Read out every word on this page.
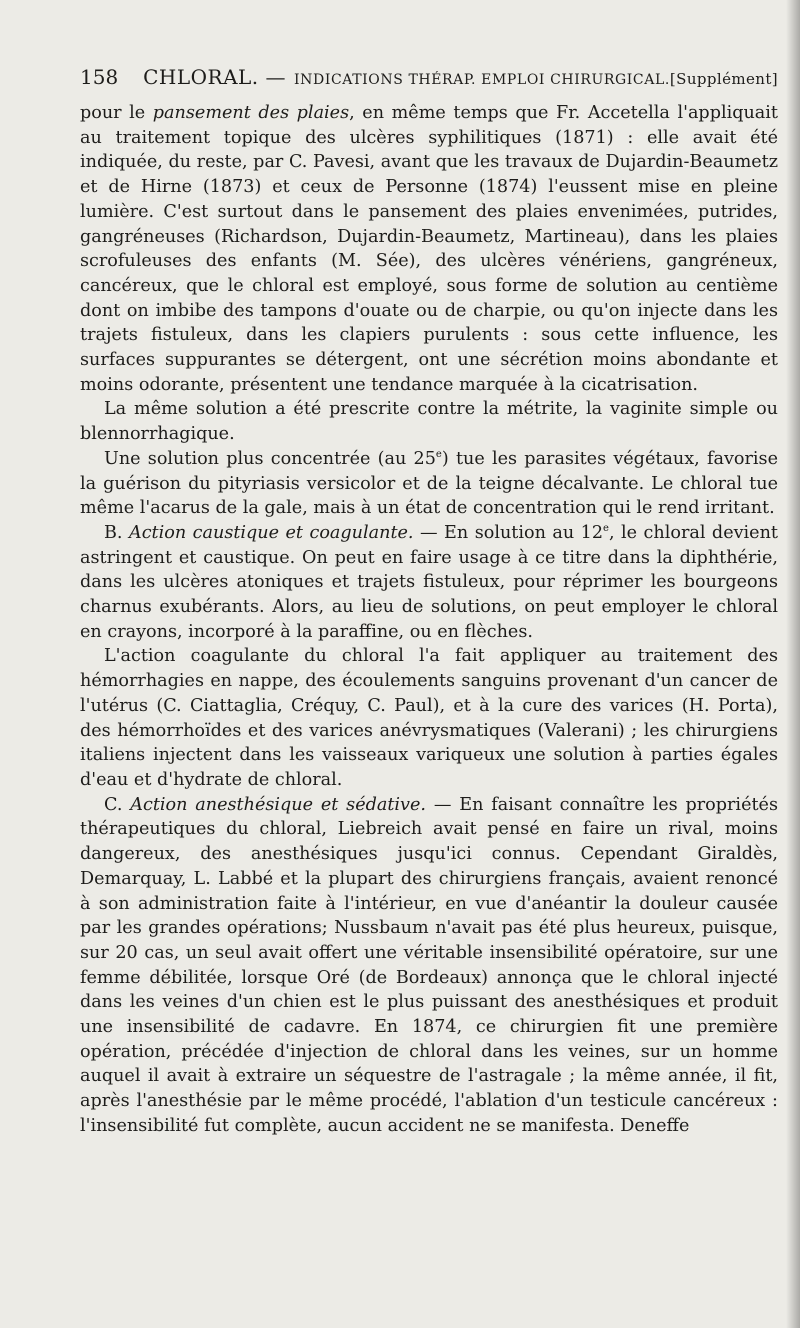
158	CHLORAL. — INDICATIONS THÉRAP. EMPLOI CHIRURGICAL. [Supplément]

pour le pansement des plaies, en même temps que Fr. Accetella l'appliquait au traitement topique des ulcères syphilitiques (1871) : elle avait été indiquée, du reste, par C. Pavesi, avant que les travaux de Dujardin-Beaumetz et de Hirne (1873) et ceux de Personne (1874) l'eussent mise en pleine lumière. C'est surtout dans le pansement des plaies envenimées, putrides, gangréneuses (Richardson, Dujardin-Beaumetz, Martineau), dans les plaies scrofuleuses des enfants (M. Sée), des ulcères vénériens, gangréneux, cancéreux, que le chloral est employé, sous forme de solution au centième dont on imbibe des tampons d'ouate ou de charpie, ou qu'on injecte dans les trajets fistuleux, dans les clapiers purulents : sous cette influence, les surfaces suppurantes se détergent, ont une sécrétion moins abondante et moins odorante, présentent une tendance marquée à la cicatrisation.

La même solution a été prescrite contre la métrite, la vaginite simple ou blennorrhagique.

Une solution plus concentrée (au 25e) tue les parasites végétaux, favorise la guérison du pityriasis versicolor et de la teigne décalvante. Le chloral tue même l'acarus de la gale, mais à un état de concentration qui le rend irritant.

B. Action caustique et coagulante. — En solution au 12e, le chloral devient astringent et caustique. On peut en faire usage à ce titre dans la diphthérie, dans les ulcères atoniques et trajets fistuleux, pour réprimer les bourgeons charnus exubérants. Alors, au lieu de solutions, on peut employer le chloral en crayons, incorporé à la paraffine, ou en flèches.

L'action coagulante du chloral l'a fait appliquer au traitement des hémorrhagies en nappe, des écoulements sanguins provenant d'un cancer de l'utérus (C. Ciattaglia, Créquy, C. Paul), et à la cure des varices (H. Porta), des hémorrhoïdes et des varices anévrysmatiques (Valerani) ; les chirurgiens italiens injectent dans les vaisseaux variqueux une solution à parties égales d'eau et d'hydrate de chloral.

C. Action anesthésique et sédative. — En faisant connaître les propriétés thérapeutiques du chloral, Liebreich avait pensé en faire un rival, moins dangereux, des anesthésiques jusqu'ici connus. Cependant Giraldès, Demarquay, L. Labbé et la plupart des chirurgiens français, avaient renoncé à son administration faite à l'intérieur, en vue d'anéantir la douleur causée par les grandes opérations; Nussbaum n'avait pas été plus heureux, puisque, sur 20 cas, un seul avait offert une véritable insensibilité opératoire, sur une femme débilitée, lorsque Oré (de Bordeaux) annonça que le chloral injecté dans les veines d'un chien est le plus puissant des anesthésiques et produit une insensibilité de cadavre. En 1874, ce chirurgien fit une première opération, précédée d'injection de chloral dans les veines, sur un homme auquel il avait à extraire un séquestre de l'astragale ; la même année, il fit, après l'anesthésie par le même procédé, l'ablation d'un testicule cancéreux : l'insensibilité fut complète, aucun accident ne se manifesta. Deneffe
